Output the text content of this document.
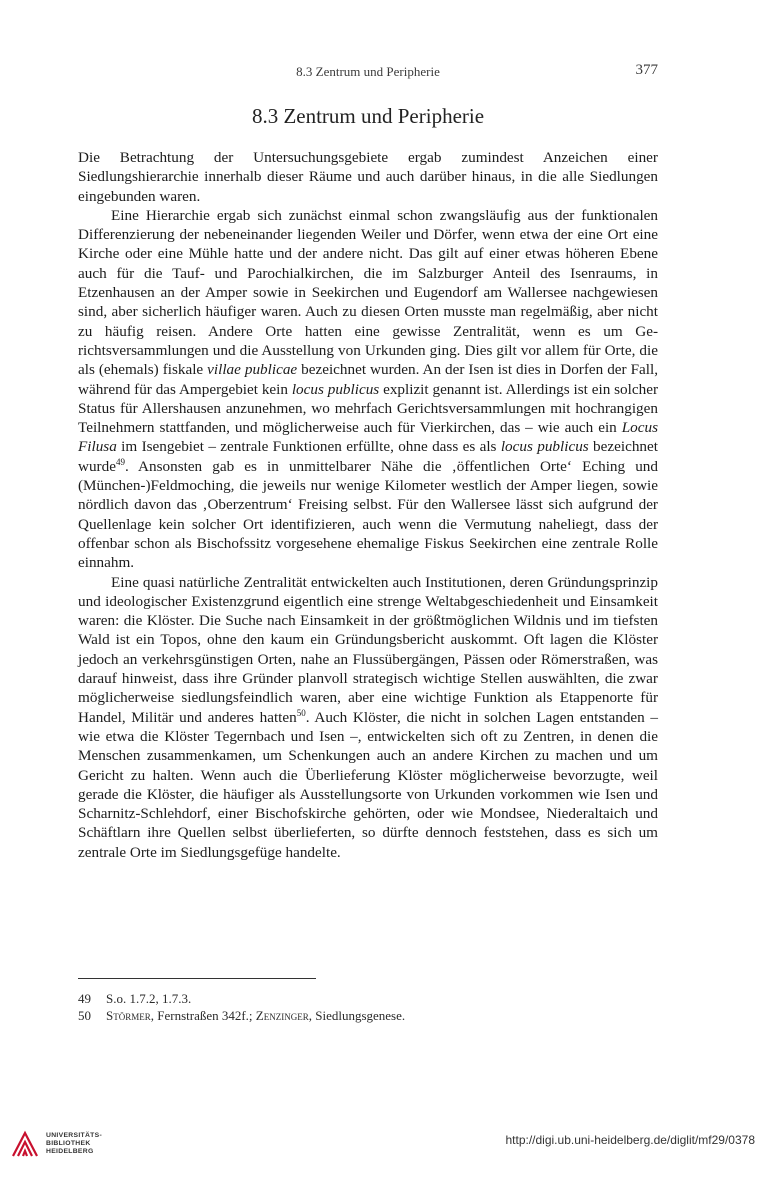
8.3 Zentrum und Peripherie	377
8.3 Zentrum und Peripherie

Die Betrachtung der Untersuchungsgebiete ergab zumindest Anzeichen einer Siedlungshierarchie innerhalb dieser Räume und auch darüber hinaus, in die alle Siedlungen eingebunden waren.

Eine Hierarchie ergab sich zunächst einmal schon zwangsläufig aus der funktionalen Differenzierung der nebeneinander liegenden Weiler und Dörfer, wenn etwa der eine Ort eine Kirche oder eine Mühle hatte und der andere nicht. Das gilt auf einer etwas höheren Ebene auch für die Tauf- und Parochialkirchen, die im Salzburger Anteil des Isenraums, in Etzenhausen an der Amper sowie in Seekirchen und Eugendorf am Wallersee nachgewiesen sind, aber sicherlich häufiger waren. Auch zu diesen Orten musste man regelmäßig, aber nicht zu häufig reisen. Andere Orte hatten eine gewisse Zentralität, wenn es um Gerichtsversammlungen und die Ausstellung von Urkunden ging. Dies gilt vor allem für Orte, die als (ehemals) fiskale villae publicae bezeichnet wurden. An der Isen ist dies in Dorfen der Fall, während für das Ampergebiet kein locus publicus explizit genannt ist. Allerdings ist ein solcher Status für Allershausen anzunehmen, wo mehrfach Gerichtsversammlungen mit hochrangigen Teilnehmern stattfanden, und möglicherweise auch für Vierkirchen, das – wie auch ein Locus Filusa im Isengebiet – zentrale Funktionen erfüllte, ohne dass es als locus publicus bezeichnet wurde$^{49}$. Ansonsten gab es in unmittelbarer Nähe die ‚öffentlichen Orte‘ Eching und (München-)Feldmoching, die jeweils nur wenige Kilometer westlich der Amper liegen, sowie nördlich davon das ‚Oberzentrum‘ Freising selbst. Für den Wallersee lässt sich aufgrund der Quellenlage kein solcher Ort identifizieren, auch wenn die Vermutung naheliegt, dass der offenbar schon als Bischofssitz vorgesehene ehemalige Fiskus Seekirchen eine zentrale Rolle einnahm.

Eine quasi natürliche Zentralität entwickelten auch Institutionen, deren Gründungsprinzip und ideologischer Existenzgrund eigentlich eine strenge Weltabgeschiedenheit und Einsamkeit waren: die Klöster. Die Suche nach Einsamkeit in der größtmöglichen Wildnis und im tiefsten Wald ist ein Topos, ohne den kaum ein Gründungsbericht auskommt. Oft lagen die Klöster jedoch an verkehrsgünstigen Orten, nahe an Flussübergängen, Pässen oder Römerstraßen, was darauf hinweist, dass ihre Gründer planvoll strategisch wichtige Stellen auswählten, die zwar möglicherweise siedlungsfeindlich waren, aber eine wichtige Funktion als Etappenorte für Handel, Militär und anderes hatten$^{50}$. Auch Klöster, die nicht in solchen Lagen entstanden – wie etwa die Klöster Tegernbach und Isen –, entwickelten sich oft zu Zentren, in denen die Menschen zusammenkamen, um Schenkungen auch an andere Kirchen zu machen und um Gericht zu halten. Wenn auch die Überlieferung Klöster möglicherweise bevorzugte, weil gerade die Klöster, die häufiger als Ausstellungsorte von Urkunden vorkommen wie Isen und Scharnitz-Schlehdorf, einer Bischofskirche gehörten, oder wie Mondsee, Niederaltaich und Schäftlarn ihre Quellen selbst überlieferten, so dürfte dennoch feststehen, dass es sich um zentrale Orte im Siedlungsgefüge handelte.

49	S.o. 1.7.2, 1.7.3.
50	Störmer, Fernstraßen 342f.; Zenzinger, Siedlungsgenese.
UNIVERSITÄTS-
BIBLIOTHEK
HEIDELBERG
http://digi.ub.uni-heidelberg.de/diglit/mf29/0378
